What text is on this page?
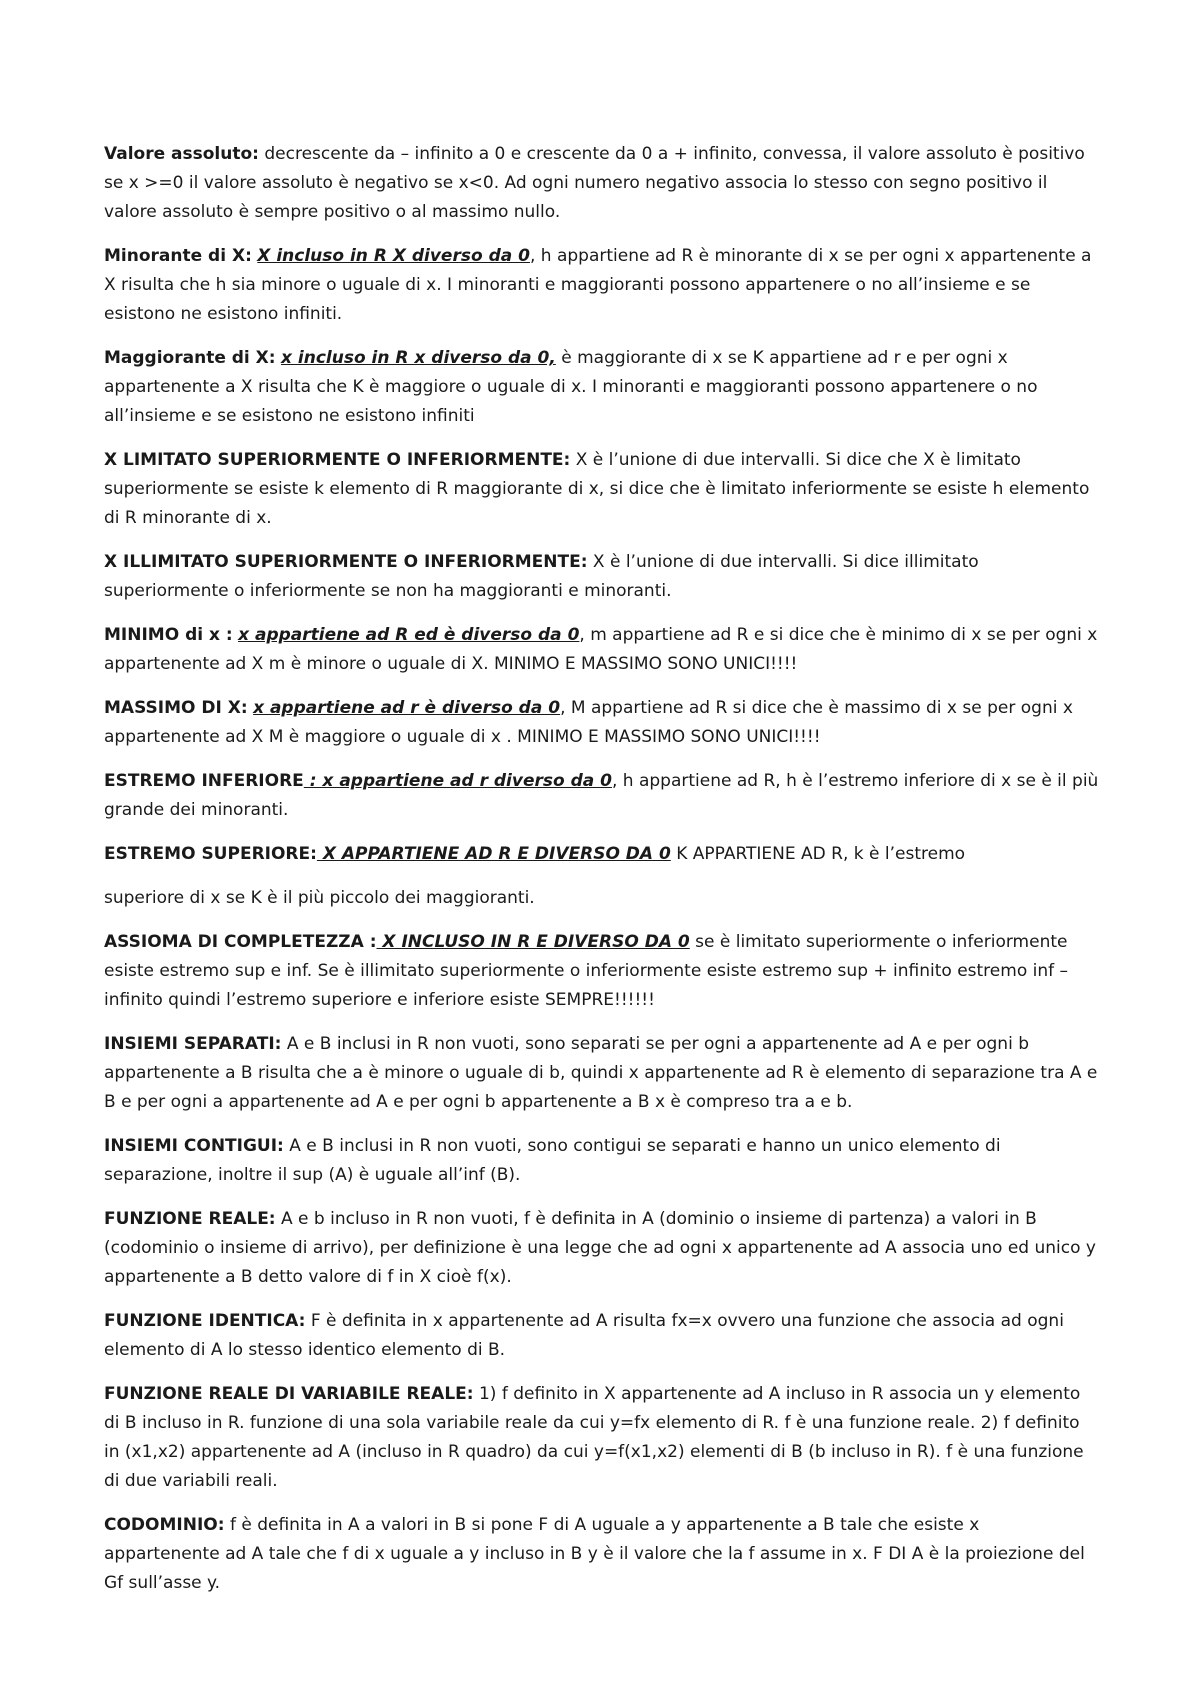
Valore assoluto: decrescente da – infinito a 0 e crescente da 0 a + infinito, convessa, il valore assoluto è positivo se x >=0 il valore assoluto è negativo se x<0. Ad ogni numero negativo associa lo stesso con segno positivo il valore assoluto è sempre positivo o al massimo nullo.

Minorante di X: X incluso in R X diverso da 0, h appartiene ad R è minorante di x se per ogni x appartenente a X risulta che h sia minore o uguale di x. I minoranti e maggioranti possono appartenere o no all’insieme e se esistono ne esistono infiniti.

Maggiorante di X: x incluso in R x diverso da 0, è maggiorante di x se K appartiene ad r e per ogni x appartenente a X risulta che K è maggiore o uguale di x. I minoranti e maggioranti possono appartenere o no all’insieme e se esistono ne esistono infiniti

X LIMITATO SUPERIORMENTE O INFERIORMENTE: X è l’unione di due intervalli. Si dice che X è limitato superiormente se esiste k elemento di R maggiorante di x, si dice che è limitato inferiormente se esiste h elemento di R minorante di x.

X ILLIMITATO SUPERIORMENTE O INFERIORMENTE: X è l’unione di due intervalli. Si dice illimitato superiormente o inferiormente se non ha maggioranti e minoranti.

MINIMO di x : x appartiene ad R ed è diverso da 0, m appartiene ad R e si dice che è minimo di x se per ogni x appartenente ad X m è minore o uguale di X. MINIMO E MASSIMO SONO UNICI!!!!

MASSIMO DI X: x appartiene ad r è diverso da 0, M appartiene ad R si dice che è massimo di x se per ogni x appartenente ad X M è maggiore o uguale di x . MINIMO E MASSIMO SONO UNICI!!!!

ESTREMO INFERIORE : x appartiene ad r diverso da 0, h appartiene ad R, h è l’estremo inferiore di x se è il più grande dei minoranti.

ESTREMO SUPERIORE: X APPARTIENE AD R E DIVERSO DA 0 K APPARTIENE AD R, k è l’estremo

superiore di x se K è il più piccolo dei maggioranti.

ASSIOMA DI COMPLETEZZA : X INCLUSO IN R E DIVERSO DA 0 se è limitato superiormente o inferiormente esiste estremo sup e inf. Se è illimitato superiormente o inferiormente esiste estremo sup + infinito estremo inf – infinito quindi l’estremo superiore e inferiore esiste SEMPRE!!!!!!

INSIEMI SEPARATI: A e B inclusi in R non vuoti, sono separati se per ogni a appartenente ad A e per ogni b appartenente a B risulta che a è minore o uguale di b, quindi x appartenente ad R è elemento di separazione tra A e B e per ogni a appartenente ad A e per ogni b appartenente a B x è compreso tra a e b.

INSIEMI CONTIGUI: A e B inclusi in R non vuoti, sono contigui se separati e hanno un unico elemento di separazione, inoltre il sup (A) è uguale all’inf (B).

FUNZIONE REALE: A e b incluso in R non vuoti, f è definita in A (dominio o insieme di partenza) a valori in B (codominio o insieme di arrivo), per definizione è una legge che ad ogni x appartenente ad A associa uno ed unico y appartenente a B detto valore di f in X cioè f(x).

FUNZIONE IDENTICA: F è definita in x appartenente ad A risulta fx=x ovvero una funzione che associa ad ogni elemento di A lo stesso identico elemento di B.

FUNZIONE REALE DI VARIABILE REALE: 1) f definito in X appartenente ad A incluso in R associa un y elemento di B incluso in R. funzione di una sola variabile reale da cui y=fx elemento di R. f è una funzione reale. 2) f definito in (x1,x2) appartenente ad A (incluso in R quadro) da cui y=f(x1,x2) elementi di B (b incluso in R). f è una funzione di due variabili reali.

CODOMINIO: f è definita in A a valori in B si pone F di A uguale a y appartenente a B tale che esiste x appartenente ad A tale che f di x uguale a y incluso in B y è il valore che la f assume in x. F DI A è la proiezione del Gf sull’asse y.
